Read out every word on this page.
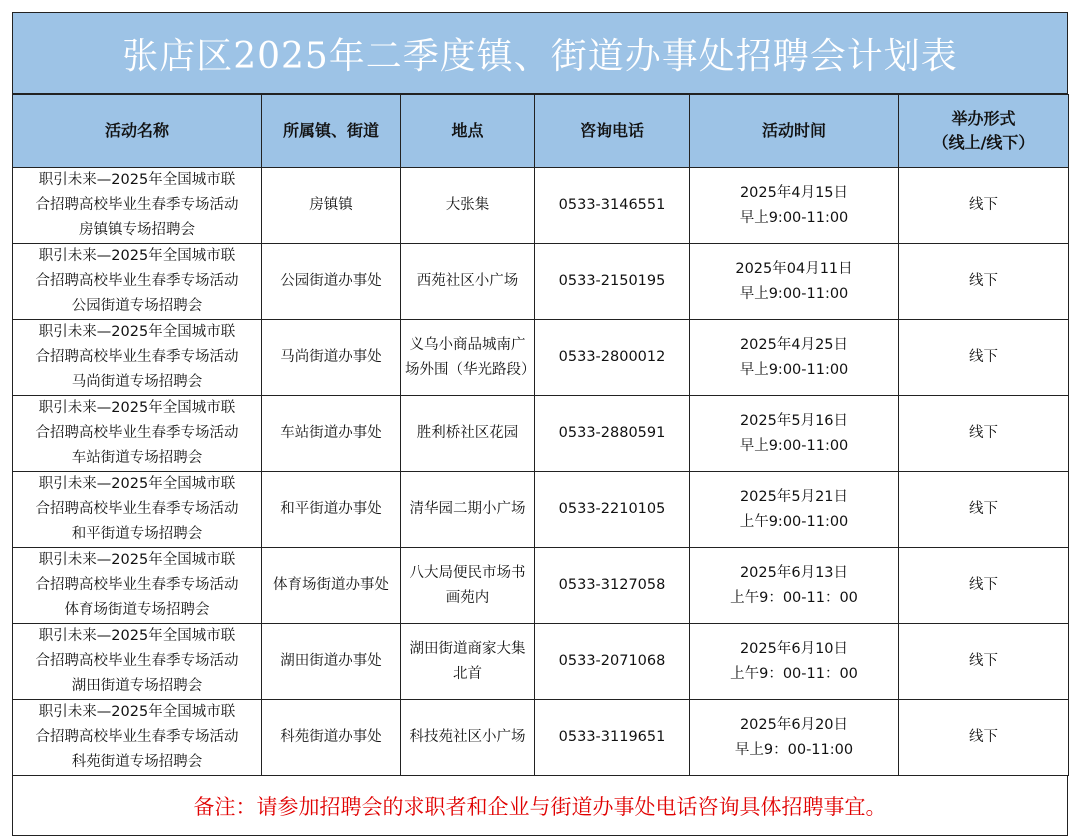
张店区2025年二季度镇、街道办事处招聘会计划表
活动名称	所属镇、街道	地点	咨询电话	活动时间	举办形式
（线上/线下）

职引未来—2025年全国城市联
合招聘高校毕业生春季专场活动
房镇镇专场招聘会	房镇镇	大张集	0533-3146551	2025年4月15日
早上9:00-11:00	线下

职引未来—2025年全国城市联
合招聘高校毕业生春季专场活动
公园街道专场招聘会	公园街道办事处	西苑社区小广场	0533-2150195	2025年04月11日
早上9:00-11:00	线下

职引未来—2025年全国城市联
合招聘高校毕业生春季专场活动
马尚街道专场招聘会	马尚街道办事处	义乌小商品城南广场外围（华光路段）	0533-2800012	2025年4月25日
早上9:00-11:00	线下

职引未来—2025年全国城市联
合招聘高校毕业生春季专场活动
车站街道专场招聘会	车站街道办事处	胜利桥社区花园	0533-2880591	2025年5月16日
早上9:00-11:00	线下

职引未来—2025年全国城市联
合招聘高校毕业生春季专场活动
和平街道专场招聘会	和平街道办事处	清华园二期小广场	0533-2210105	2025年5月21日
上午9:00-11:00	线下

职引未来—2025年全国城市联
合招聘高校毕业生春季专场活动
体育场街道专场招聘会	体育场街道办事处	八大局便民市场书画苑内	0533-3127058	2025年6月13日
上午9：00-11：00	线下

职引未来—2025年全国城市联
合招聘高校毕业生春季专场活动
湖田街道专场招聘会	湖田街道办事处	湖田街道商家大集北首	0533-2071068	2025年6月10日
上午9：00-11：00	线下

职引未来—2025年全国城市联
合招聘高校毕业生春季专场活动
科苑街道专场招聘会	科苑街道办事处	科技苑社区小广场	0533-3119651	2025年6月20日
早上9：00-11:00	线下
备注：请参加招聘会的求职者和企业与街道办事处电话咨询具体招聘事宜。
